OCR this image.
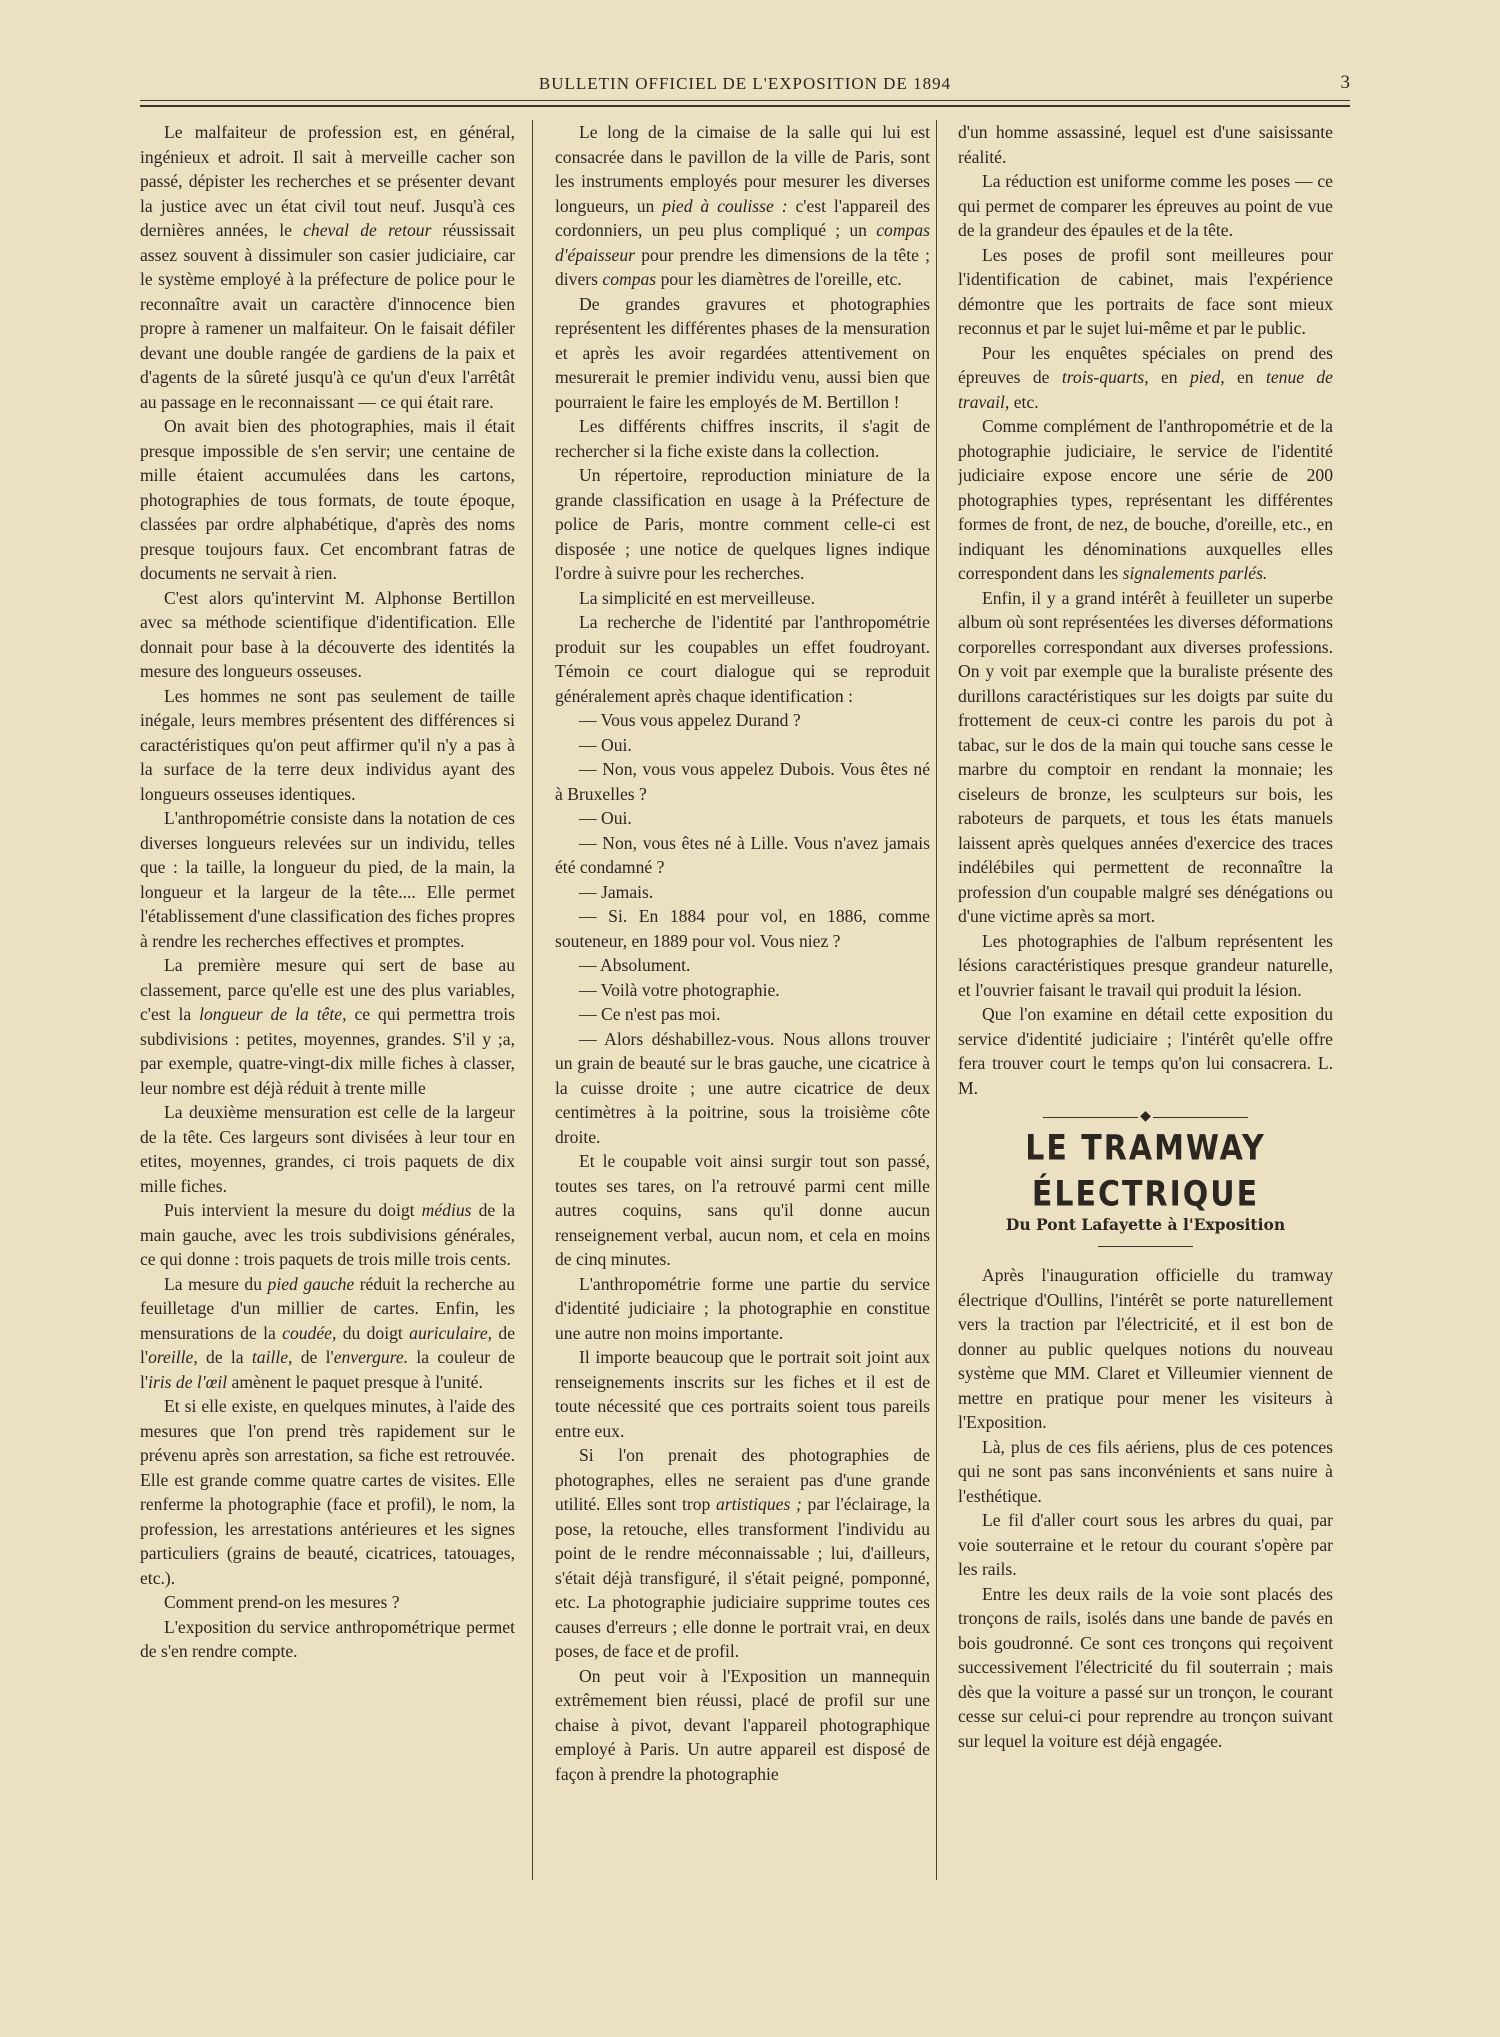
BULLETIN OFFICIEL DE L'EXPOSITION DE 1894	3

Le malfaiteur de profession est, en général, ingénieux et adroit. Il sait à merveille cacher son passé, dépister les recherches et se présenter devant la justice avec un état civil tout neuf. Jusqu'à ces dernières années, le cheval de retour réussissait assez souvent à dissimuler son casier judiciaire, car le système employé à la préfecture de police pour le reconnaître avait un caractère d'innocence bien propre à ramener un malfaiteur. On le faisait défiler devant une double rangée de gardiens de la paix et d'agents de la sûreté jusqu'à ce qu'un d'eux l'arrêtât au passage en le reconnaissant — ce qui était rare.

On avait bien des photographies, mais il était presque impossible de s'en servir; une centaine de mille étaient accumulées dans les cartons, photographies de tous formats, de toute époque, classées par ordre alphabétique, d'après des noms presque toujours faux. Cet encombrant fatras de documents ne servait à rien.

C'est alors qu'intervint M. Alphonse Bertillon avec sa méthode scientifique d'identification. Elle donnait pour base à la découverte des identités la mesure des longueurs osseuses.

Les hommes ne sont pas seulement de taille inégale, leurs membres présentent des différences si caractéristiques qu'on peut affirmer qu'il n'y a pas à la surface de la terre deux individus ayant des longueurs osseuses identiques.

L'anthropométrie consiste dans la notation de ces diverses longueurs relevées sur un individu, telles que : la taille, la longueur du pied, de la main, la longueur et la largeur de la tête.... Elle permet l'établissement d'une classification des fiches propres à rendre les recherches effectives et promptes.

La première mesure qui sert de base au classement, parce qu'elle est une des plus variables, c'est la longueur de la tête, ce qui permettra trois subdivisions : petites, moyennes, grandes. S'il y ;a, par exemple, quatre-vingt-dix mille fiches à classer, leur nombre est déjà réduit à trente mille

La deuxième mensuration est celle de la largeur de la tête. Ces largeurs sont divisées à leur tour en etites, moyennes, grandes, ci trois paquets de dix mille fiches.

Puis intervient la mesure du doigt médius de la main gauche, avec les trois subdivisions générales, ce qui donne : trois paquets de trois mille trois cents.

La mesure du pied gauche réduit la recherche au feuilletage d'un millier de cartes. Enfin, les mensurations de la coudée, du doigt auriculaire, de l'oreille, de la taille, de l'envergure. la couleur de l'iris de l'œil amènent le paquet presque à l'unité.

Et si elle existe, en quelques minutes, à l'aide des mesures que l'on prend très rapidement sur le prévenu après son arrestation, sa fiche est retrouvée. Elle est grande comme quatre cartes de visites. Elle renferme la photographie (face et profil), le nom, la profession, les arrestations antérieures et les signes particuliers (grains de beauté, cicatrices, tatouages, etc.).

Comment prend-on les mesures ?

L'exposition du service anthropométrique permet de s'en rendre compte.

Le long de la cimaise de la salle qui lui est consacrée dans le pavillon de la ville de Paris, sont les instruments employés pour mesurer les diverses longueurs, un pied à coulisse : c'est l'appareil des cordonniers, un peu plus compliqué ; un compas d'épaisseur pour prendre les dimensions de la tête ; divers compas pour les diamètres de l'oreille, etc.

De grandes gravures et photographies représentent les différentes phases de la mensuration et après les avoir regardées attentivement on mesurerait le premier individu venu, aussi bien que pourraient le faire les employés de M. Bertillon !

Les différents chiffres inscrits, il s'agit de rechercher si la fiche existe dans la collection.

Un répertoire, reproduction miniature de la grande classification en usage à la Préfecture de police de Paris, montre comment celle-ci est disposée ; une notice de quelques lignes indique l'ordre à suivre pour les recherches.

La simplicité en est merveilleuse.

La recherche de l'identité par l'anthropométrie produit sur les coupables un effet foudroyant. Témoin ce court dialogue qui se reproduit généralement après chaque identification :

— Vous vous appelez Durand ?

— Oui.

— Non, vous vous appelez Dubois. Vous êtes né à Bruxelles ?

— Oui.

— Non, vous êtes né à Lille. Vous n'avez jamais été condamné ?

— Jamais.

— Si. En 1884 pour vol, en 1886, comme souteneur, en 1889 pour vol. Vous niez ?

— Absolument.

— Voilà votre photographie.

— Ce n'est pas moi.

— Alors déshabillez-vous. Nous allons trouver un grain de beauté sur le bras gauche, une cicatrice à la cuisse droite ; une autre cicatrice de deux centimètres à la poitrine, sous la troisième côte droite.

Et le coupable voit ainsi surgir tout son passé, toutes ses tares, on l'a retrouvé parmi cent mille autres coquins, sans qu'il donne aucun renseignement verbal, aucun nom, et cela en moins de cinq minutes.

L'anthropométrie forme une partie du service d'identité judiciaire ; la photographie en constitue une autre non moins importante.

Il importe beaucoup que le portrait soit joint aux renseignements inscrits sur les fiches et il est de toute nécessité que ces portraits soient tous pareils entre eux.

Si l'on prenait des photographies de photographes, elles ne seraient pas d'une grande utilité. Elles sont trop artistiques ; par l'éclairage, la pose, la retouche, elles transforment l'individu au point de le rendre méconnaissable ; lui, d'ailleurs, s'était déjà transfiguré, il s'était peigné, pomponné, etc. La photographie judiciaire supprime toutes ces causes d'erreurs ; elle donne le portrait vrai, en deux poses, de face et de profil.

On peut voir à l'Exposition un mannequin extrêmement bien réussi, placé de profil sur une chaise à pivot, devant l'appareil photographique employé à Paris. Un autre appareil est disposé de façon à prendre la photographie

d'un homme assassiné, lequel est d'une saisissante réalité.

La réduction est uniforme comme les poses — ce qui permet de comparer les épreuves au point de vue de la grandeur des épaules et de la tête.

Les poses de profil sont meilleures pour l'identification de cabinet, mais l'expérience démontre que les portraits de face sont mieux reconnus et par le sujet lui-même et par le public.

Pour les enquêtes spéciales on prend des épreuves de trois-quarts, en pied, en tenue de travail, etc.

Comme complément de l'anthropométrie et de la photographie judiciaire, le service de l'identité judiciaire expose encore une série de 200 photographies types, représentant les différentes formes de front, de nez, de bouche, d'oreille, etc., en indiquant les dénominations auxquelles elles correspondent dans les signalements parlés.

Enfin, il y a grand intérêt à feuilleter un superbe album où sont représentées les diverses déformations corporelles correspondant aux diverses professions. On y voit par exemple que la buraliste présente des durillons caractéristiques sur les doigts par suite du frottement de ceux-ci contre les parois du pot à tabac, sur le dos de la main qui touche sans cesse le marbre du comptoir en rendant la monnaie; les ciseleurs de bronze, les sculpteurs sur bois, les raboteurs de parquets, et tous les états manuels laissent après quelques années d'exercice des traces indélébiles qui permettent de reconnaître la profession d'un coupable malgré ses dénégations ou d'une victime après sa mort.

Les photographies de l'album représentent les lésions caractéristiques presque grandeur naturelle, et l'ouvrier faisant le travail qui produit la lésion.

Que l'on examine en détail cette exposition du service d'identité judiciaire ; l'intérêt qu'elle offre fera trouver court le temps qu'on lui consacrera. L. M.

◆
LE TRAMWAY ÉLECTRIQUE
Du Pont Lafayette à l'Exposition

Après l'inauguration officielle du tramway électrique d'Oullins, l'intérêt se porte naturellement vers la traction par l'électricité, et il est bon de donner au public quelques notions du nouveau système que MM. Claret et Villeumier viennent de mettre en pratique pour mener les visiteurs à l'Exposition.

Là, plus de ces fils aériens, plus de ces potences qui ne sont pas sans inconvénients et sans nuire à l'esthétique.

Le fil d'aller court sous les arbres du quai, par voie souterraine et le retour du courant s'opère par les rails.

Entre les deux rails de la voie sont placés des tronçons de rails, isolés dans une bande de pavés en bois goudronné. Ce sont ces tronçons qui reçoivent successivement l'électricité du fil souterrain ; mais dès que la voiture a passé sur un tronçon, le courant cesse sur celui-ci pour reprendre au tronçon suivant sur lequel la voiture est déjà engagée.
